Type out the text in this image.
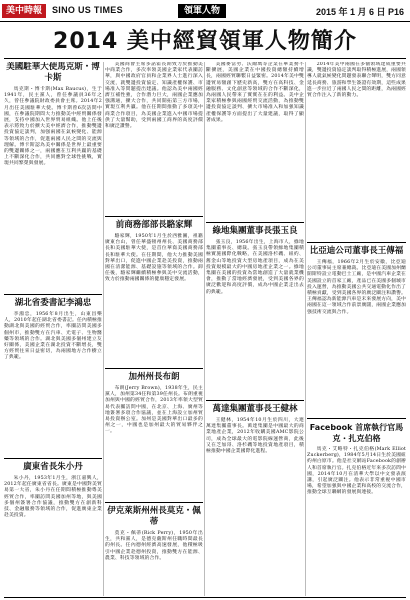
美中時報	SINO US TIMES	領軍人物	2015 年 1 月 6 日 P16
2014 美中經貿領軍人物簡介
美國駐華大使馬克斯・博卡斯

馬克斯・博卡斯(Max Baucus)，生于1941年，民主黨人，曾任參議員36年之久，曾任參議院財政委員會主席。2014年2月出任美國駐華大使。博卡斯曾6次訪問中國，在參議院期間大力推動美中經貿關係發展，支持中國加入世界貿易組織。他上任後表示將致力於擴大美中經濟合作，推動雙邊投資協定談判，加强兩國在氣候變化、能源等領域的合作，促進兩國人民之間的交流與理解。博卡斯認為美中關係是世界上最重要的雙邊關係之一，兩國應在互利共贏的基礎上不斷深化合作，共同應對全球性挑戰，實現共同繁榮與發展。

湖北省委書記李鴻忠

李鴻忠，1956年8月出生，山東昌樂人，2010年起任湖北省委書記。任內積極推動湖北與美國的經貿合作，率團訪問美國多個州市，推動雙方在汽車、光電子、生物醫藥等領域的合作。湖北與美國多個州建立友好關係，美國企業在湖北投資不斷增長，雙方經貿往來日益密切，為兩國地方合作樹立了典範。

廣東省長朱小丹

朱小丹，1953年1月生，浙江嘉興人，2012年起任廣東省省長。廣東是中國對美貿易第一大省，朱小丹在任期間積極推動粵美經貿合作，率團訪問美國加州等地，與美國多個州簽署合作協議，推動雙方在創新科技、金融服務等領域的合作，促進廣東企業赴美投資。

美國商會主席多諾霍長期致力於推動美中商業合作，多次率領美國企業家代表團訪華，與中國政府官員和企業界人士進行深入交流，就雙邊投資協定、知識產權保護、市場准入等問題提出建議。他認為美中兩國經濟互補性強，合作潜力巨大，兩國企業應加强溝通，擴大合作，共同開拓第三方市場，實現互利共贏。他在任期間推動了多項美中商業合作項目，為美國企業進入中國市場提供了大量幫助，受到兩國工商界的高度評價和廣泛讚譽。

前商務部部長駱家輝

駱家輝，1950年1月生於西雅圖，祖籍廣東台山，曾任華盛頓州州長、美國商務部長和美國駐華大使，是首位華裔美國商務部長和駐華大使。在任期間，他大力推動美國對華出口，促進中國企業赴美投資，推動兩國在清潔能源、基礎設施等領域的合作。卸任後，駱家輝繼續積極參與美中交流活動，致力於推動兩國關係的健康穩定發展。

加州州長布朗

布朗(Jerry Brown)，1938年生，民主黨人，加州第34任和第39任州長。布朗重視加州與中國的經貿合作，2013年率領大型貿易代表團訪問中國，在北京、上海、廣州等地簽署多項合作協議，並在上海設立加州貿易投資辦公室。加州是美國對華出口最多的州之一，中國也是加州最大的貿易夥伴之一。

伊克萊斯州州長莫克・佩蒂

莫克・佩蒂(Rick Perry)，1950年出生，共和黨人，是德克薩斯州任職時間最長的州長。任內德州經濟高速發展，他積極吸引中國企業赴德州投資，推動雙方在能源、農業、科技等領域的合作。

美國麥當勞、沃爾瑪等企業在華業務不斷擴展，美國企業在中國投資總額持續增長，兩國經貿聯繫日益緊密。2014年美中雙邊貿易額創下歷史新高，雙方在高科技、金融服務、文化創意等領域的合作不斷深化，為兩國人民帶來了實實在在的利益。美中企業家積極參與兩國經貿交流活動，為推動雙邊投資協定談判、擴大市場准入和加强知識產權保護等方面提出了大量建議，取得了顯著成果。

綠地集團董事長張玉良

張玉良，1956年出生，上海市人，綠地集團董事長、總裁。張玉良帶領綠地集團積極實施國際化戰略，在美國洛杉磯、紐約、舊金山等地投資大型房地產項目，成為在美投資規模最大的中國房地產企業之一。綠地集團在美國的投資為當地創造了大量就業機會，推動了當地經濟發展，受到美國各界的廣泛歡迎和高度評價，成為中國企業走出去的典範。

萬達集團董事長王健林

王健林，1954年10月生於四川，大連萬達集團董事長。萬達集團是中國最大的商業地產企業，2012年收購美國AMC影院公司，成為全球最大的電影院線運營商，此後又在芝加哥、洛杉磯等地投資地產項目，積極推動中國企業國際化進程。

2014年美中兩國在多個領域達成重要共識，雙邊投資協定談判取得積極進展，兩國領導人就氣候變化問題發表聯合聲明，雙方同意延長商務、旅游和學生簽證有效期，這些成果進一步拉近了兩國人民之間的距離，為兩國經貿合作注入了新的動力。

比亞迪公司董事長王傳福

王傳福，1966年2月生於安徽，比亞迪公司董事局主席兼總裁。比亞迪在美國加州蘭開斯特設立電動巴士工廠，是中國汽車企業在美國設立的首家工廠，產品已在美國多個城市投入運營，為推動美國公共交通電動化作出了積極貢獻，受到美國各界的廣泛關注和讚譽。王傳福認為新能源汽車是未來發展方向，美中兩國在這一領域合作前景廣闊，兩國企業應加强技術交流與合作。

Facebook 首席執行官馬克・扎克伯格

馬克・艾略特・扎克伯格(Mark Elliot Zuckerberg)，1984年5月14日生於美國紐約州白原市。他是社交網站Facebook的創辦人和首席執行官。扎克伯格近年來多次訪問中國，2014年10月在清華大學以中文發表演講，引起廣泛關注。他表示非常重視中國市場，希望加强與中國企業和高校的交流合作，推動全球互聯網的發展與連接。
